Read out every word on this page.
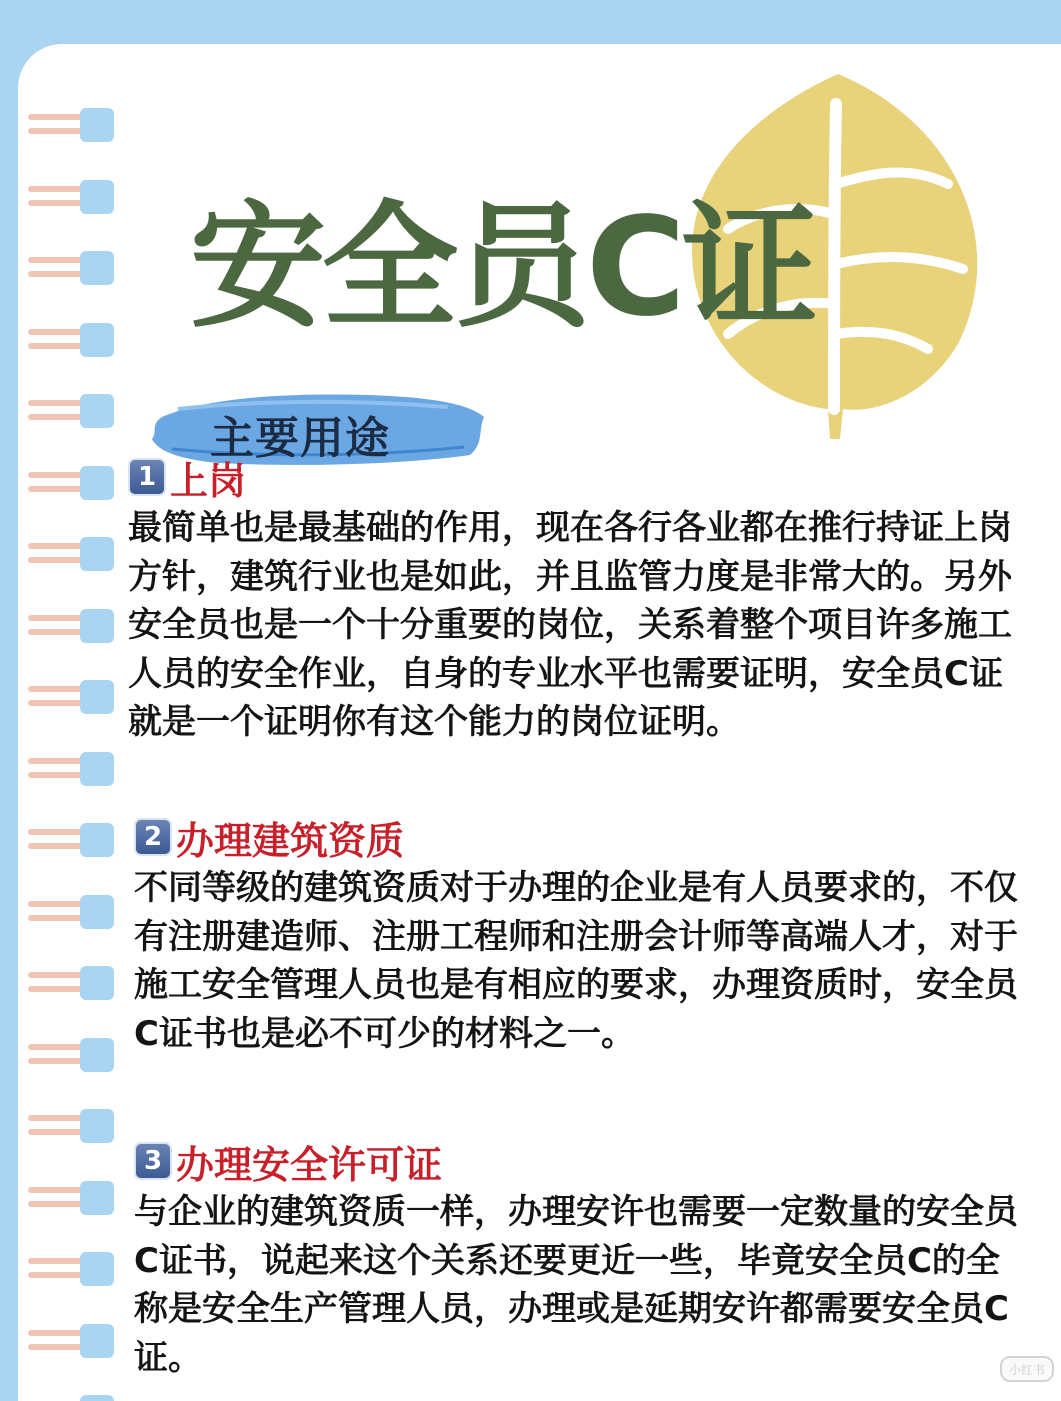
安全员C证
主要用途
1 上岗
最简单也是最基础的作用，现在各行各业都在推行持证上岗方针，建筑行业也是如此，并且监管力度是非常大的。另外安全员也是一个十分重要的岗位，关系着整个项目许多施工人员的安全作业，自身的专业水平也需要证明，安全员C证就是一个证明你有这个能力的岗位证明。
2 办理建筑资质
不同等级的建筑资质对于办理的企业是有人员要求的，不仅有注册建造师、注册工程师和注册会计师等高端人才，对于施工安全管理人员也是有相应的要求，办理资质时，安全员C证书也是必不可少的材料之一。
3 办理安全许可证
与企业的建筑资质一样，办理安许也需要一定数量的安全员C证书，说起来这个关系还要更近一些，毕竟安全员C的全称是安全生产管理人员，办理或是延期安许都需要安全员C证。	小红书
